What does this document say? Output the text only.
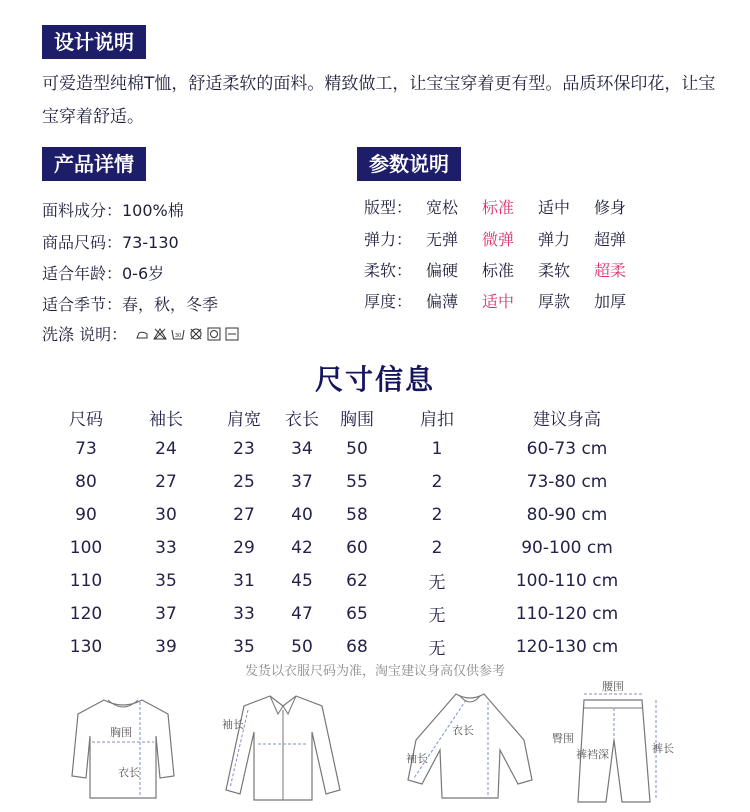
设计说明
可爱造型纯棉T恤，舒适柔软的面料。精致做工，让宝宝穿着更有型。品质环保印花，让宝宝穿着舒适。
产品详情
面料成分：100%棉
商品尺码：73-130
适合年龄：0-6岁
适合季节：春，秋，冬季
洗涤 说明：	30
参数说明
版型： 宽松	标准	适中	修身
弹力： 无弹	微弹	弹力	超弹
柔软： 偏硬	标准	柔软	超柔
厚度： 偏薄	适中	厚款	加厚
尺寸信息
尺码	袖长	肩宽	衣长	胸围	肩扣	建议身高
73	24	23	34	50	1	60-73 cm
80	27	25	37	55	2	73-80 cm
90	30	27	40	58	2	80-90 cm
100	33	29	42	60	2	90-100 cm
110	35	31	45	62	无	100-110 cm
120	37	33	47	65	无	110-120 cm
130	39	35	50	68	无	120-130 cm
发货以衣服尺码为准，淘宝建议身高仅供参考
胸围
衣长
袖长	衣长
袖长
腰围
臀围
裤裆深	裤长
